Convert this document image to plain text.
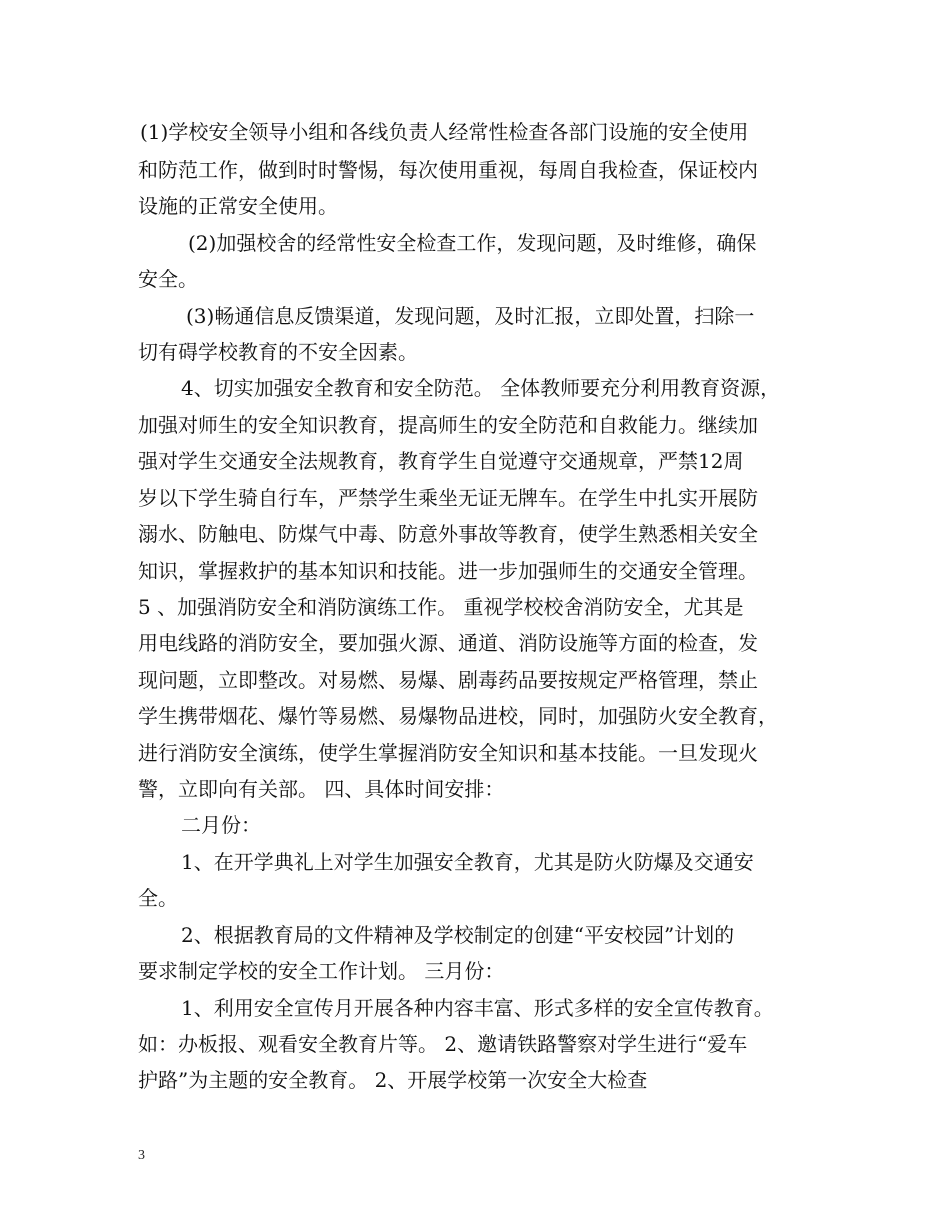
(1)学校安全领导小组和各线负责人经常性检查各部门设施的安全使用
和防范工作，做到时时警惕，每次使用重视，每周自我检查，保证校内
设施的正常安全使用。
(2)加强校舍的经常性安全检查工作，发现问题，及时维修，确保
安全。
(3)畅通信息反馈渠道，发现问题，及时汇报，立即处置，扫除一
切有碍学校教育的不安全因素。
4、切实加强安全教育和安全防范。 全体教师要充分利用教育资源，
加强对师生的安全知识教育，提高师生的安全防范和自救能力。继续加
强对学生交通安全法规教育，教育学生自觉遵守交通规章，严禁12周
岁以下学生骑自行车，严禁学生乘坐无证无牌车。在学生中扎实开展防
溺水、防触电、防煤气中毒、防意外事故等教育，使学生熟悉相关安全
知识，掌握救护的基本知识和技能。进一步加强师生的交通安全管理。
5 、加强消防安全和消防演练工作。 重视学校校舍消防安全，尤其是
用电线路的消防安全，要加强火源、通道、消防设施等方面的检查，发
现问题，立即整改。对易燃、易爆、剧毒药品要按规定严格管理，禁止
学生携带烟花、爆竹等易燃、易爆物品进校，同时，加强防火安全教育，
进行消防安全演练，使学生掌握消防安全知识和基本技能。一旦发现火
警，立即向有关部。 四、具体时间安排：
二月份：
1、在开学典礼上对学生加强安全教育，尤其是防火防爆及交通安
全。
2、根据教育局的文件精神及学校制定的创建“平安校园”计划的
要求制定学校的安全工作计划。 三月份：
1、利用安全宣传月开展各种内容丰富、形式多样的安全宣传教育。
如：办板报、观看安全教育片等。 2、邀请铁路警察对学生进行“爱车
护路”为主题的安全教育。 2、开展学校第一次安全大检查
3
